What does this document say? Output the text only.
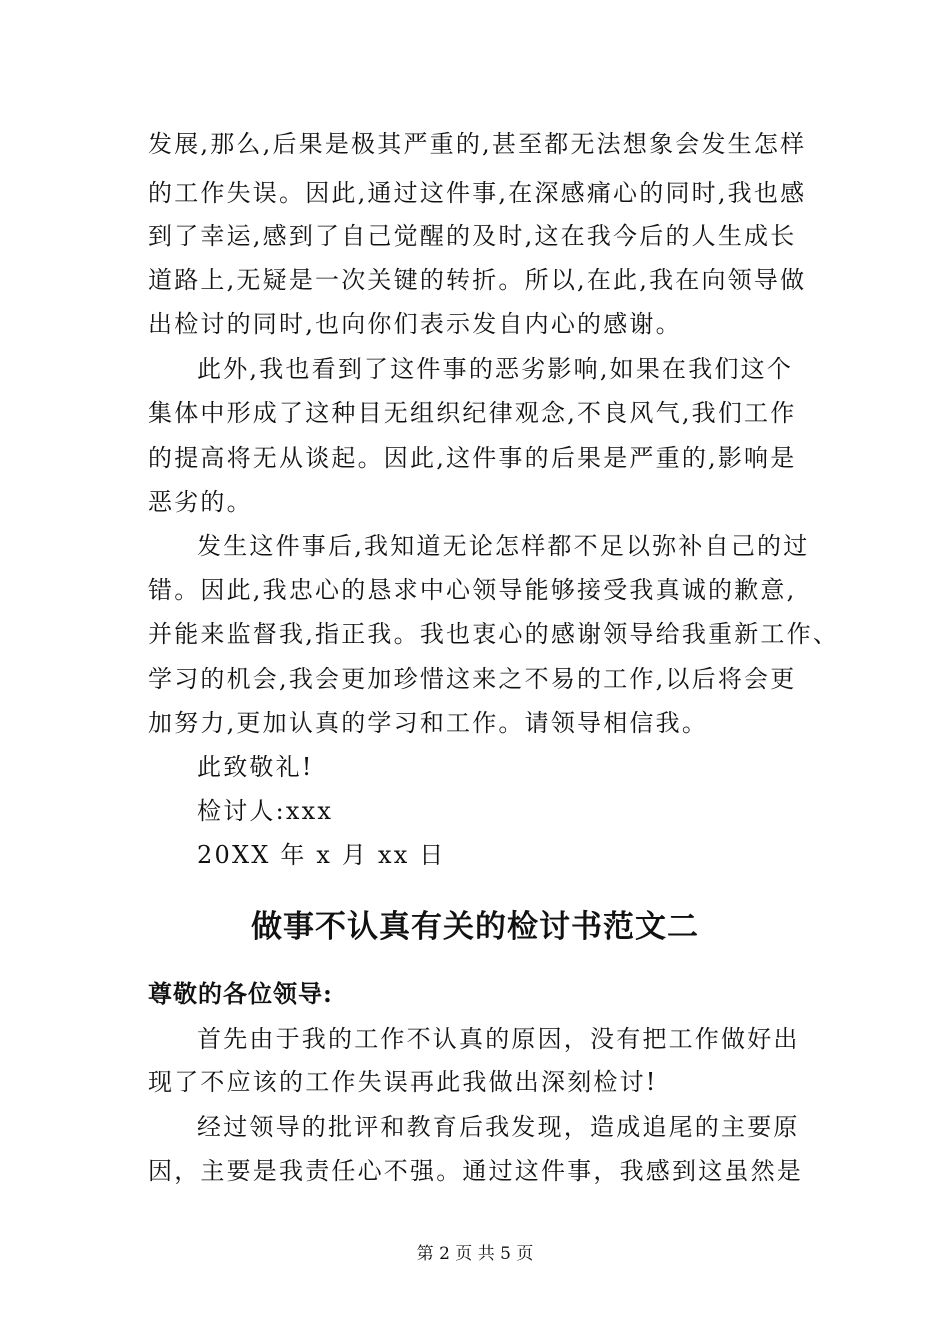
发展,那么,后果是极其严重的,甚至都无法想象会发生怎样
的工作失误。因此,通过这件事,在深感痛心的同时,我也感
到了幸运,感到了自己觉醒的及时,这在我今后的人生成长
道路上,无疑是一次关键的转折。所以,在此,我在向领导做
出检讨的同时,也向你们表示发自内心的感谢。
此外,我也看到了这件事的恶劣影响,如果在我们这个
集体中形成了这种目无组织纪律观念,不良风气,我们工作
的提高将无从谈起。因此,这件事的后果是严重的,影响是
恶劣的。
发生这件事后,我知道无论怎样都不足以弥补自己的过
错。因此,我忠心的恳求中心领导能够接受我真诚的歉意,
并能来监督我,指正我。我也衷心的感谢领导给我重新工作、
学习的机会,我会更加珍惜这来之不易的工作,以后将会更
加努力,更加认真的学习和工作。请领导相信我。
此致敬礼!
检讨人:xxx
20XX 年 x 月 xx 日
做事不认真有关的检讨书范文二
尊敬的各位领导:
首先由于我的工作不认真的原因，没有把工作做好出
现了不应该的工作失误再此我做出深刻检讨!
经过领导的批评和教育后我发现，造成追尾的主要原
因，主要是我责任心不强。通过这件事，我感到这虽然是
第 2 页 共 5 页
